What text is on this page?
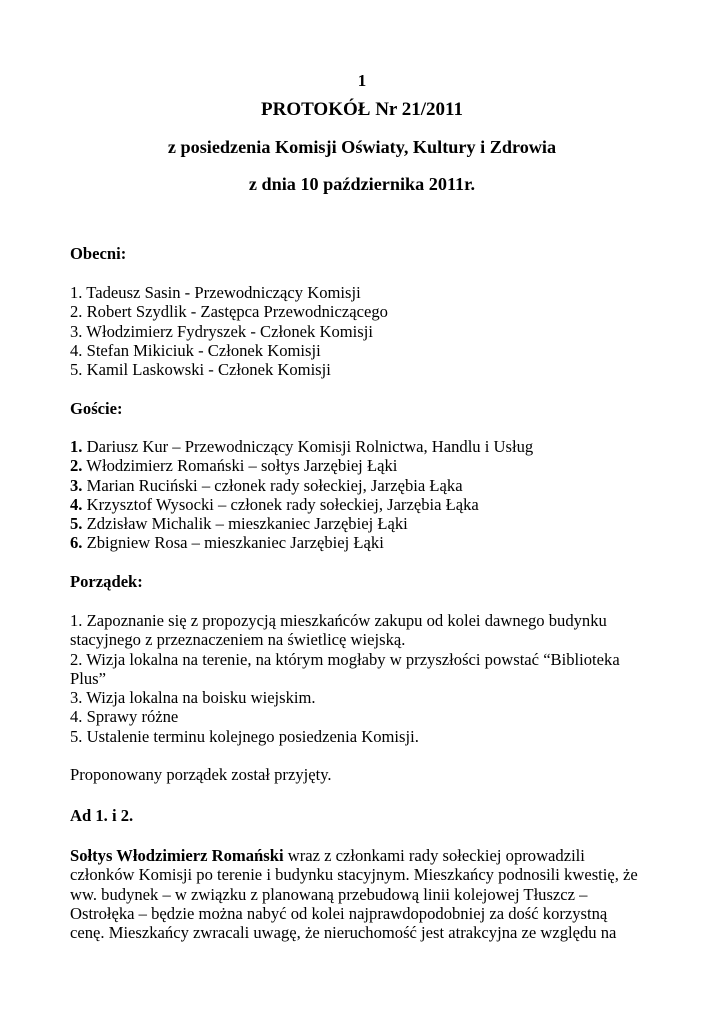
1
PROTOKÓŁ Nr 21/2011
z posiedzenia Komisji Oświaty, Kultury i Zdrowia
z dnia 10 października 2011r.
Obecni:
1. Tadeusz Sasin - Przewodniczący Komisji
2. Robert Szydlik - Zastępca Przewodniczącego
3. Włodzimierz Fydryszek - Członek Komisji
4. Stefan Mikiciuk - Członek Komisji
5. Kamil Laskowski - Członek Komisji
Goście:
1. Dariusz Kur – Przewodniczący Komisji Rolnictwa, Handlu i Usług
2. Włodzimierz Romański – sołtys Jarzębiej Łąki
3. Marian Ruciński – członek rady sołeckiej, Jarzębia Łąka
4. Krzysztof Wysocki – członek rady sołeckiej, Jarzębia Łąka
5. Zdzisław Michalik – mieszkaniec Jarzębiej Łąki
6. Zbigniew Rosa – mieszkaniec Jarzębiej Łąki
Porządek:
1. Zapoznanie się z propozycją mieszkańców zakupu od kolei dawnego budynku
stacyjnego z przeznaczeniem na świetlicę wiejską.
2. Wizja lokalna na terenie, na którym mogłaby w przyszłości powstać “Biblioteka
Plus”
3. Wizja lokalna na boisku wiejskim.
4. Sprawy różne
5. Ustalenie terminu kolejnego posiedzenia Komisji.
Proponowany porządek został przyjęty.
Ad 1. i 2.
Sołtys Włodzimierz Romański wraz z członkami rady sołeckiej oprowadzili
członków Komisji po terenie i budynku stacyjnym. Mieszkańcy podnosili kwestię, że
ww. budynek – w związku z planowaną przebudową linii kolejowej Tłuszcz –
Ostrołęka – będzie można nabyć od kolei najprawdopodobniej za dość korzystną
cenę. Mieszkańcy zwracali uwagę, że nieruchomość jest atrakcyjna ze względu na
